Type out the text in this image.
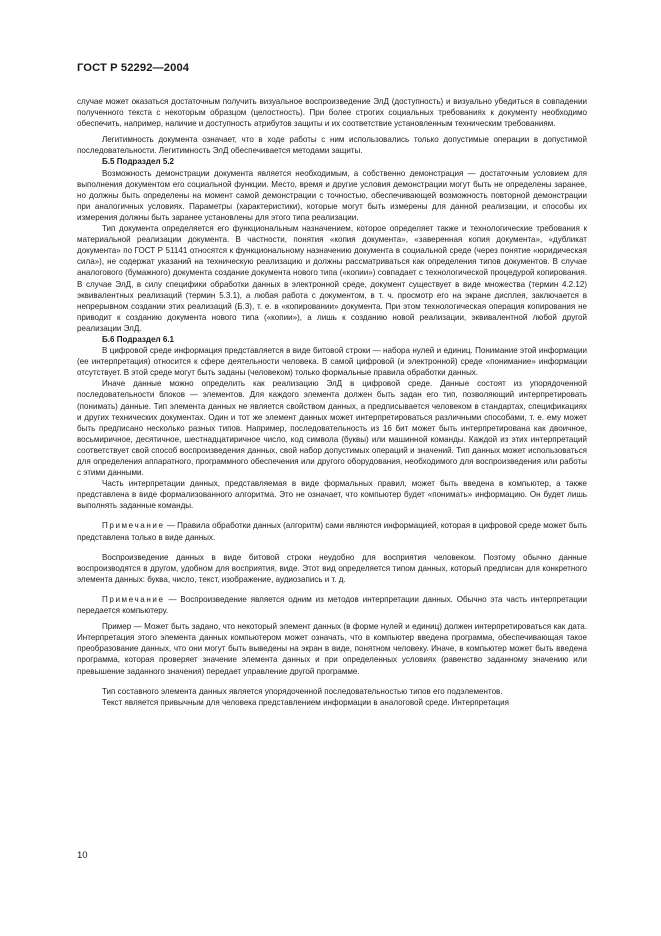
ГОСТ Р 52292—2004

случае может оказаться достаточным получить визуальное воспроизведение ЭлД (доступность) и визуально убедиться в совпадении полученного текста с некоторым образцом (целостность). При более строгих социальных требованиях к документу необходимо обеспечить, например, наличие и доступность атрибутов защиты и их соответствие установленным техническим требованиям.

Легитимность документа означает, что в ходе работы с ним использовались только допустимые операции в допустимой последовательности. Легитимность ЭлД обеспечивается методами защиты.

Б.5 Подраздел 5.2

Возможность демонстрации документа является необходимым, а собственно демонстрация — достаточным условием для выполнения документом его социальной функции. Место, время и другие условия демонстрации могут быть не определены заранее, но должны быть определены на момент самой демонстрации с точностью, обеспечивающей возможность повторной демонстрации при аналогичных условиях. Параметры (характеристики), которые могут быть измерены для данной реализации, и способы их измерения должны быть заранее установлены для этого типа реализации.

Тип документа определяется его функциональным назначением, которое определяет также и технологические требования к материальной реализации документа. В частности, понятия «копия документа», «заверенная копия документа», «дубликат документа» по ГОСТ Р 51141 относятся к функциональному назначению документа в социальной среде (через понятие «юридическая сила»), не содержат указаний на техническую реализацию и должны рассматриваться как определения типов документов. В случае аналогового (бумажного) документа создание документа нового типа («копии») совпадает с технологической процедурой копирования. В случае ЭлД, в силу специфики обработки данных в электронной среде, документ существует в виде множества (термин 4.2.12) эквивалентных реализаций (термин 5.3.1), а любая работа с документом, в т. ч. просмотр его на экране дисплея, заключается в непрерывном создании этих реализаций (Б.3), т. е. в «копировании» документа. При этом технологическая операция копирования не приводит к созданию документа нового типа («копии»), а лишь к созданию новой реализации, эквивалентной любой другой реализации ЭлД.

Б.6 Подраздел 6.1

В цифровой среде информация представляется в виде битовой строки — набора нулей и единиц. Понимание этой информации (ее интерпретация) относится к сфере деятельности человека. В самой цифровой (и электронной) среде «понимание» информации отсутствует. В этой среде могут быть заданы (человеком) только формальные правила обработки данных.

Иначе данные можно определить как реализацию ЭлД в цифровой среде. Данные состоят из упорядоченной последовательности блоков — элементов. Для каждого элемента должен быть задан его тип, позволяющий интерпретировать (понимать) данные. Тип элемента данных не является свойством данных, а предписывается человеком в стандартах, спецификациях и других технических документах. Один и тот же элемент данных может интерпретироваться различными способами, т. е. ему может быть предписано несколько разных типов. Например, последовательность из 16 бит может быть интерпретирована как двоичное, восьмиричное, десятичное, шестнадцатиричное число, код символа (буквы) или машинной команды. Каждой из этих интерпретаций соответствует свой способ воспроизведения данных, свой набор допустимых операций и значений. Тип данных может использоваться для определения аппаратного, программного обеспечения или другого оборудования, необходимого для воспроизведения или работы с этими данными.

Часть интерпретации данных, представляемая в виде формальных правил, может быть введена в компьютер, а также представлена в виде формализованного алгоритма. Это не означает, что компьютер будет «понимать» информацию. Он будет лишь выполнять заданные команды.

Примечание — Правила обработки данных (алгоритм) сами являются информацией, которая в цифровой среде может быть представлена только в виде данных.

Воспроизведение данных в виде битовой строки неудобно для восприятия человеком. Поэтому обычно данные воспроизводятся в другом, удобном для восприятия, виде. Этот вид определяется типом данных, который предписан для конкретного элемента данных: буква, число, текст, изображение, аудиозапись и т. д.

Примечание — Воспроизведение является одним из методов интерпретации данных. Обычно эта часть интерпретации передается компьютеру.

Пример — Может быть задано, что некоторый элемент данных (в форме нулей и единиц) должен интерпретироваться как дата. Интерпретация этого элемента данных компьютером может означать, что в компьютер введена программа, обеспечивающая такое преобразование данных, что они могут быть выведены на экран в виде, понятном человеку. Иначе, в компьютер может быть введена программа, которая проверяет значение элемента данных и при определенных условиях (равенство заданному значению или превышение заданного значения) передает управление другой программе.

Тип составного элемента данных является упорядоченной последовательностью типов его подэлементов.

Текст является привычным для человека представлением информации в аналоговой среде. Интерпретация

10
